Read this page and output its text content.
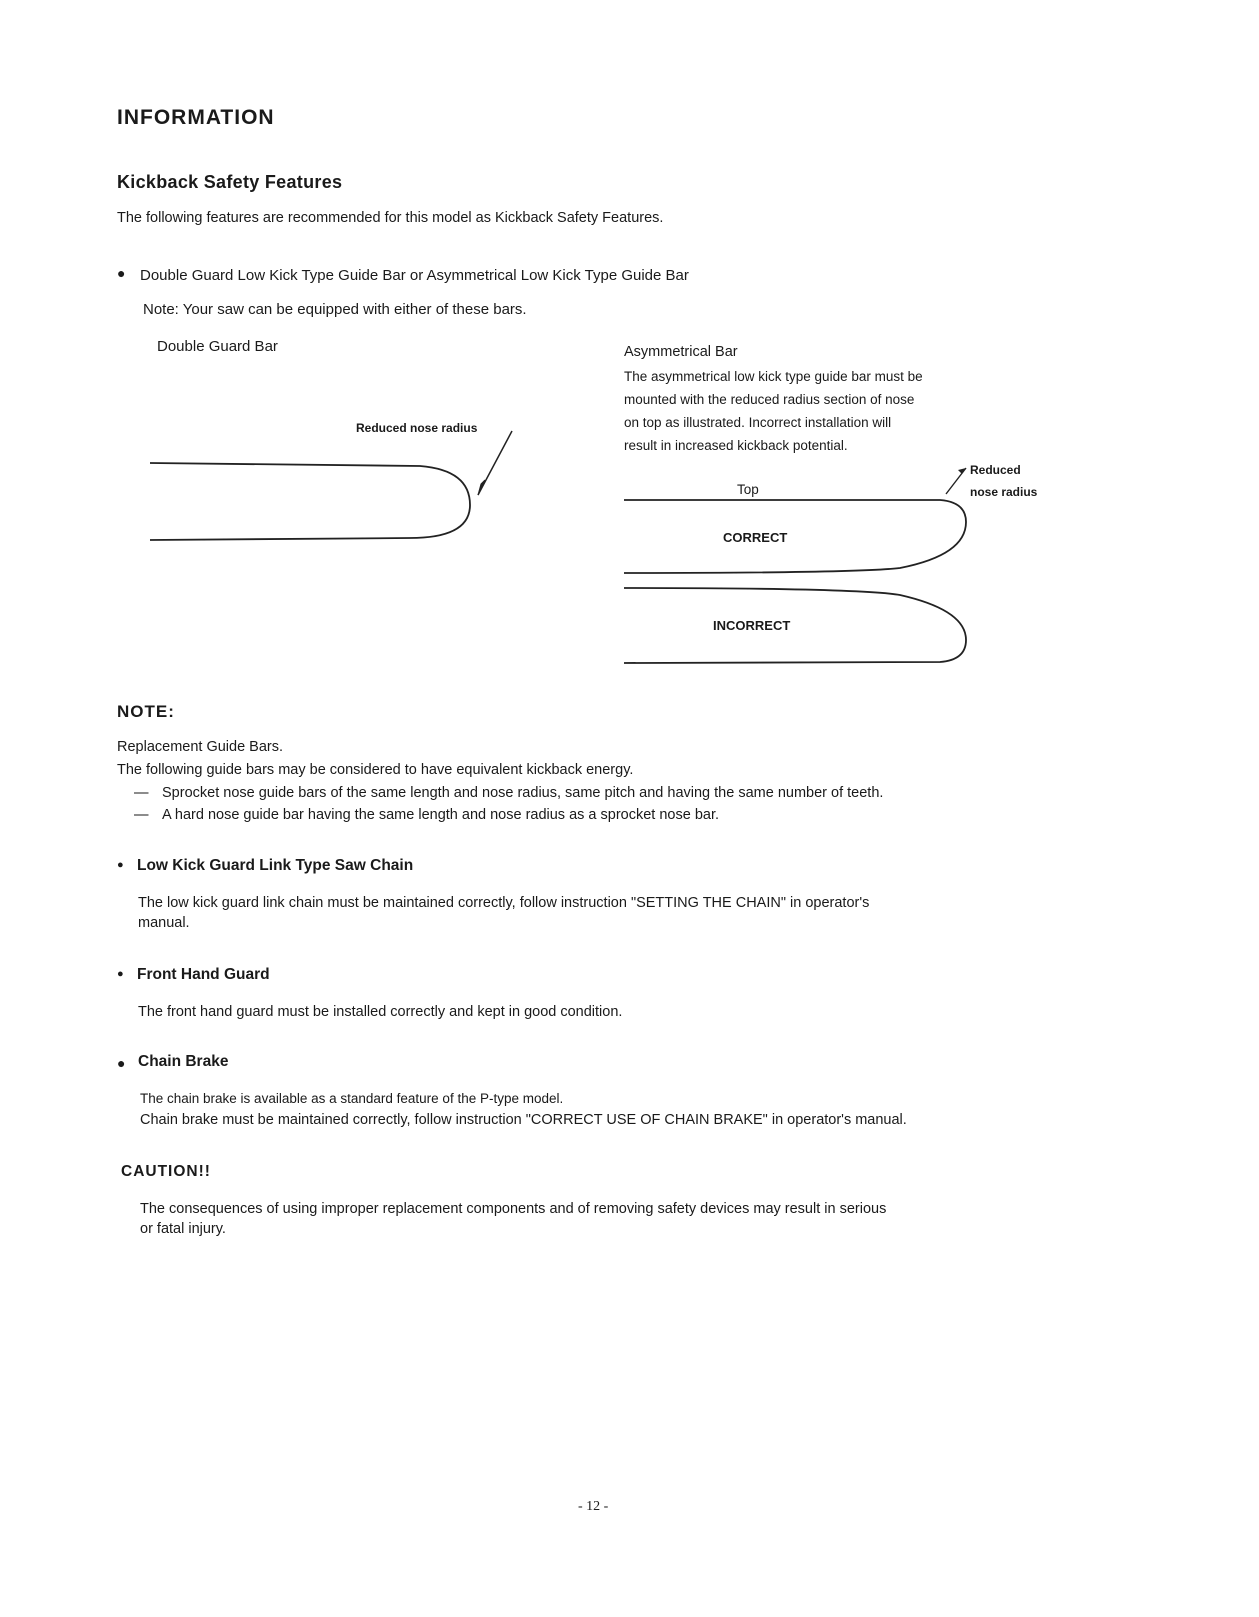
INFORMATION
Kickback Safety Features
The following features are recommended for this model as Kickback Safety Features.
● Double Guard Low Kick Type Guide Bar or Asymmetrical Low Kick Type Guide Bar
Note: Your saw can be equipped with either of these bars.
Double Guard Bar
Reduced nose radius
Asymmetrical Bar
The asymmetrical low kick type guide bar must be
mounted with the reduced radius section of nose
on top as illustrated. Incorrect installation will
result in increased kickback potential.
Reduced
nose radius
Top
CORRECT
INCORRECT
NOTE:
Replacement Guide Bars.
The following guide bars may be considered to have equivalent kickback energy.
— Sprocket nose guide bars of the same length and nose radius, same pitch and having the same number of teeth.
— A hard nose guide bar having the same length and nose radius as a sprocket nose bar.
● Low Kick Guard Link Type Saw Chain
The low kick guard link chain must be maintained correctly, follow instruction "SETTING THE CHAIN" in operator's
manual.
● Front Hand Guard
The front hand guard must be installed correctly and kept in good condition.
● Chain Brake
The chain brake is available as a standard feature of the P-type model.
Chain brake must be maintained correctly, follow instruction "CORRECT USE OF CHAIN BRAKE" in operator's manual.
CAUTION!!
The consequences of using improper replacement components and of removing safety devices may result in serious
or fatal injury.
- 12 -
